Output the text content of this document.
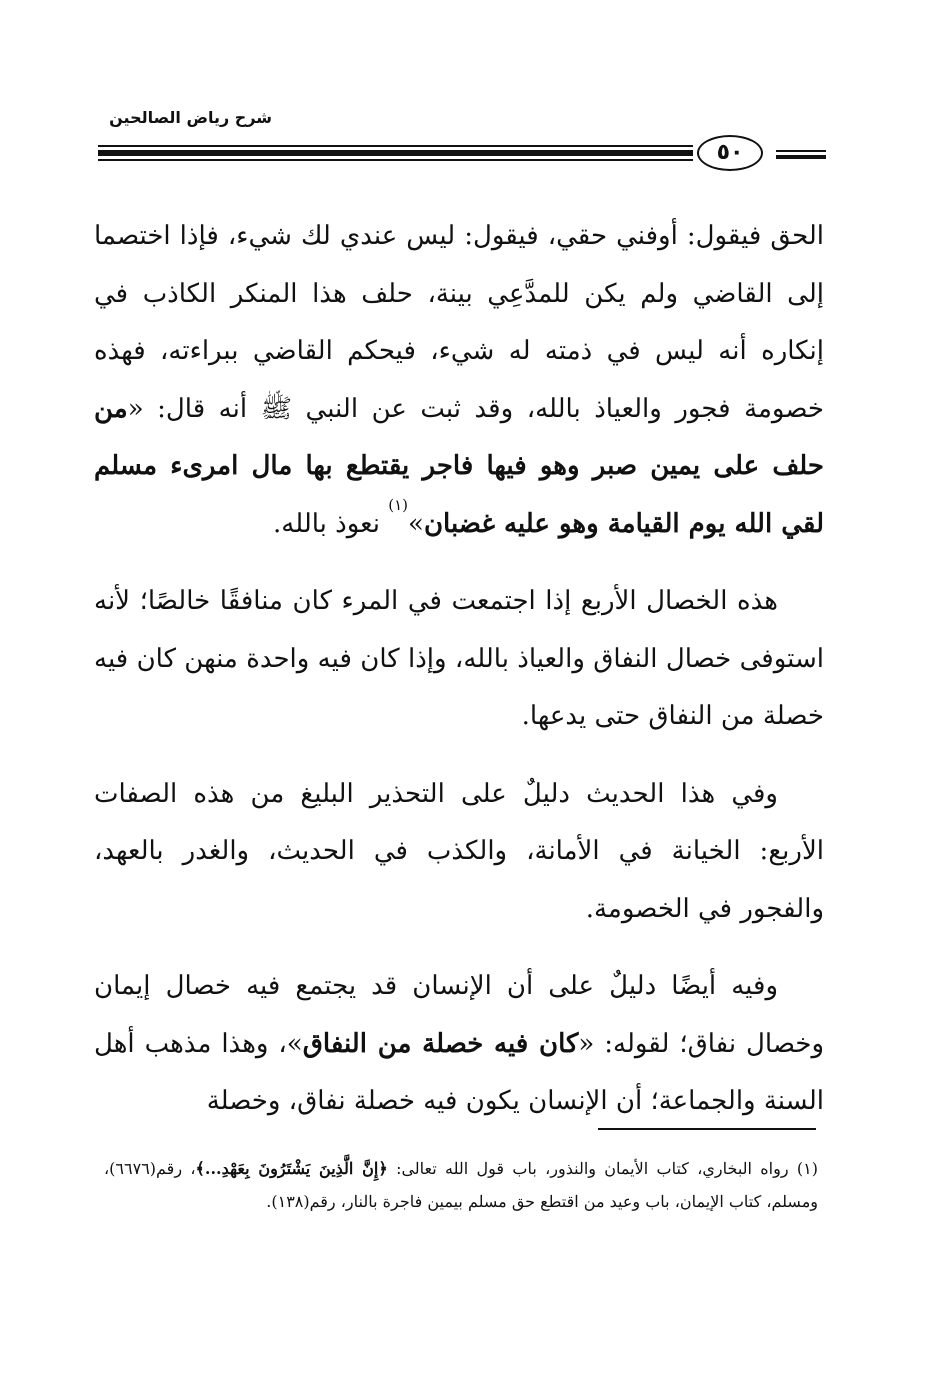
شرح رياض الصالحين
٥٠

الحق فيقول: أوفني حقي، فيقول: ليس عندي لك شيء، فإذا اختصما إلى القاضي ولم يكن للمدَّعِي بينة، حلف هذا المنكر الكاذب في إنكاره أنه ليس في ذمته له شيء، فيحكم القاضي ببراءته، فهذه خصومة فجور والعياذ بالله، وقد ثبت عن النبي ﷺ أنه قال: «من حلف على يمين صبر وهو فيها فاجر يقتطع بها مال امرىء مسلم لقي الله يوم القيامة وهو عليه غضبان»$^{(١)}$ نعوذ بالله.

هذه الخصال الأربع إذا اجتمعت في المرء كان منافقًا خالصًا؛ لأنه استوفى خصال النفاق والعياذ بالله، وإذا كان فيه واحدة منهن كان فيه خصلة من النفاق حتى يدعها.

وفي هذا الحديث دليلٌ على التحذير البليغ من هذه الصفات الأربع: الخيانة في الأمانة، والكذب في الحديث، والغدر بالعهد، والفجور في الخصومة.

وفيه أيضًا دليلٌ على أن الإنسان قد يجتمع فيه خصال إيمان وخصال نفاق؛ لقوله: «كان فيه خصلة من النفاق»، وهذا مذهب أهل السنة والجماعة؛ أن الإنسان يكون فيه خصلة نفاق، وخصلة

(١) رواه البخاري، كتاب الأيمان والنذور، باب قول الله تعالى: ﴿إِنَّ الَّذِينَ يَشْتَرُونَ بِعَهْدِ...﴾، رقم(٦٦٧٦)، ومسلم، كتاب الإيمان، باب وعيد من اقتطع حق مسلم بيمين فاجرة بالنار، رقم(١٣٨).
